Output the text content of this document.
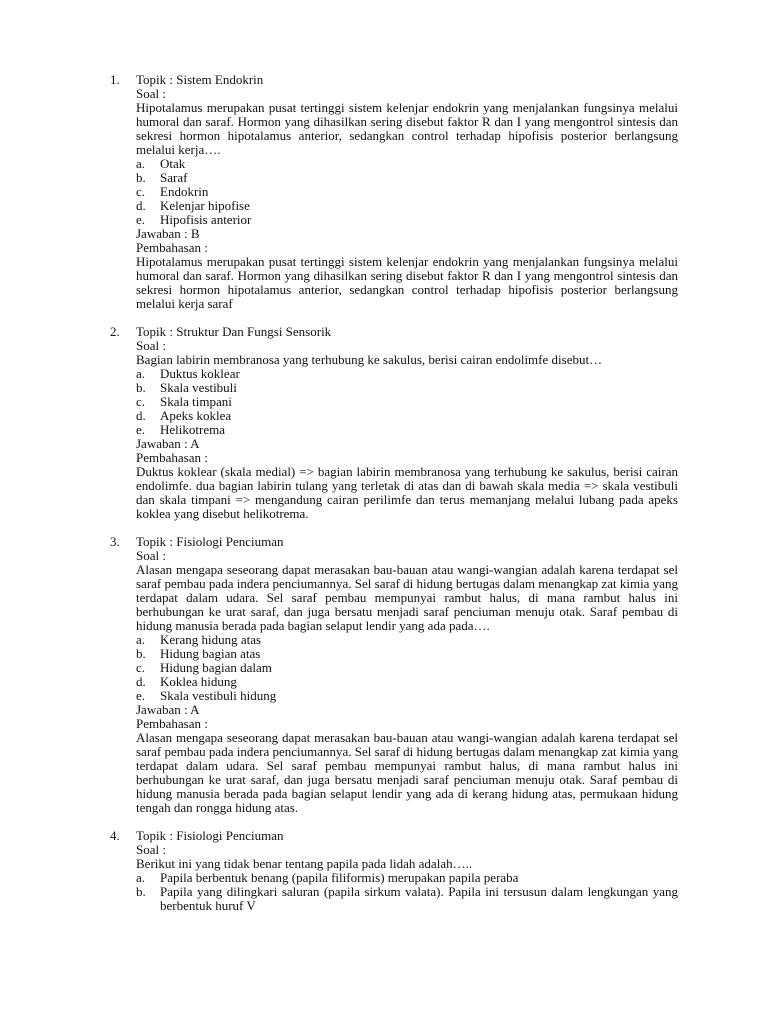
1.	Topik : Sistem Endokrin
Soal :
Hipotalamus merupakan pusat tertinggi sistem kelenjar endokrin yang menjalankan fungsinya melalui humoral dan saraf. Hormon yang dihasilkan sering disebut faktor R dan I yang mengontrol sintesis dan sekresi hormon hipotalamus anterior, sedangkan control terhadap hipofisis posterior berlangsung melalui kerja….
a.	Otak
b.	Saraf
c.	Endokrin
d.	Kelenjar hipofise
e.	Hipofisis anterior
Jawaban : B
Pembahasan :
Hipotalamus merupakan pusat tertinggi sistem kelenjar endokrin yang menjalankan fungsinya melalui humoral dan saraf. Hormon yang dihasilkan sering disebut faktor R dan I yang mengontrol sintesis dan sekresi hormon hipotalamus anterior, sedangkan control terhadap hipofisis posterior berlangsung melalui kerja saraf
2.	Topik : Struktur Dan Fungsi Sensorik
Soal :
Bagian labirin membranosa yang terhubung ke sakulus, berisi cairan endolimfe disebut…
a.	Duktus koklear
b.	Skala vestibuli
c.	Skala timpani
d.	Apeks koklea
e.	Helikotrema
Jawaban : A
Pembahasan :
Duktus koklear (skala medial) => bagian labirin membranosa yang terhubung ke sakulus, berisi cairan endolimfe. dua bagian labirin tulang yang terletak di atas dan di bawah skala media => skala vestibuli dan skala timpani => mengandung cairan perilimfe dan terus memanjang melalui lubang pada apeks koklea yang disebut helikotrema.
3.	Topik : Fisiologi Penciuman
Soal :
Alasan mengapa seseorang dapat merasakan bau-bauan atau wangi-wangian adalah karena terdapat sel saraf pembau pada indera penciumannya. Sel saraf di hidung bertugas dalam menangkap zat kimia yang terdapat dalam udara. Sel saraf pembau mempunyai rambut halus, di mana rambut halus ini berhubungan ke urat saraf, dan juga bersatu menjadi saraf penciuman menuju otak. Saraf pembau di hidung manusia berada pada bagian selaput lendir yang ada pada….
a.	Kerang hidung atas
b.	Hidung bagian atas
c.	Hidung bagian dalam
d.	Koklea hidung
e.	Skala vestibuli hidung
Jawaban : A
Pembahasan :
Alasan mengapa seseorang dapat merasakan bau-bauan atau wangi-wangian adalah karena terdapat sel saraf pembau pada indera penciumannya. Sel saraf di hidung bertugas dalam menangkap zat kimia yang terdapat dalam udara. Sel saraf pembau mempunyai rambut halus, di mana rambut halus ini berhubungan ke urat saraf, dan juga bersatu menjadi saraf penciuman menuju otak. Saraf pembau di hidung manusia berada pada bagian selaput lendir yang ada di kerang hidung atas, permukaan hidung tengah dan rongga hidung atas.
4.	Topik : Fisiologi Penciuman
Soal :
Berikut ini yang tidak benar tentang papila pada lidah adalah…..
a.	Papila berbentuk benang (papila filiformis) merupakan papila peraba
b.	Papila yang dilingkari saluran (papila sirkum valata). Papila ini tersusun dalam lengkungan yang berbentuk huruf V
